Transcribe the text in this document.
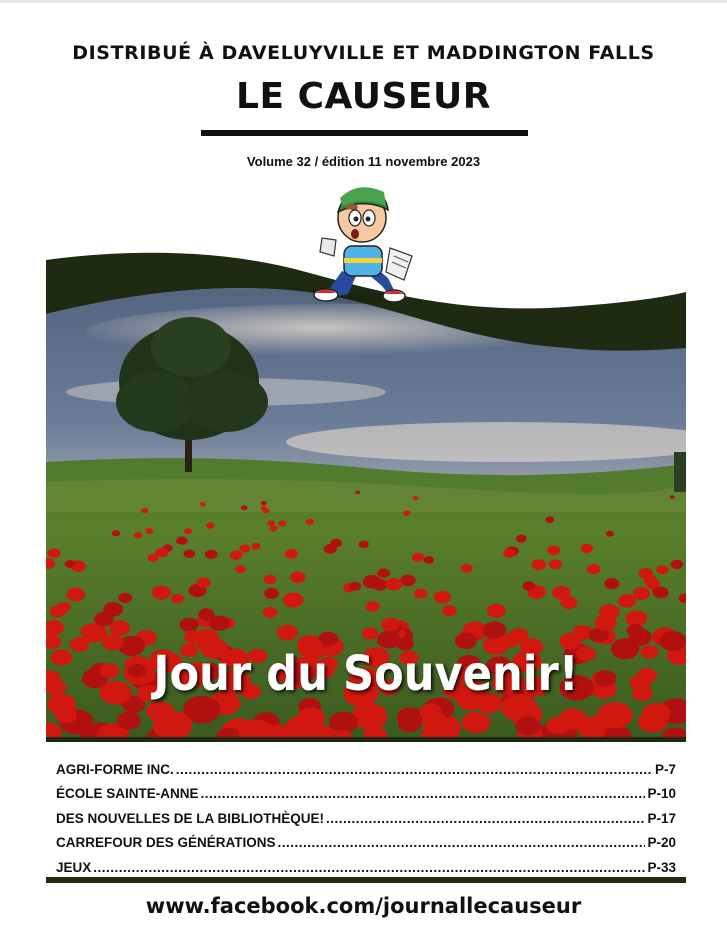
DISTRIBUÉ À DAVELUYVILLE ET MADDINGTON FALLS
LE CAUSEUR
Volume 32 / édition 11 novembre 2023
Jour du Souvenir!
AGRI-FORME INC. .....	P-7
ÉCOLE SAINTE-ANNE .....	P-10
DES NOUVELLES DE LA BIBLIOTHÈQUE! .....	P-17
CARREFOUR DES GÉNÉRATIONS .....	P-20
JEUX .....	P-33
www.facebook.com/journallecauseur
